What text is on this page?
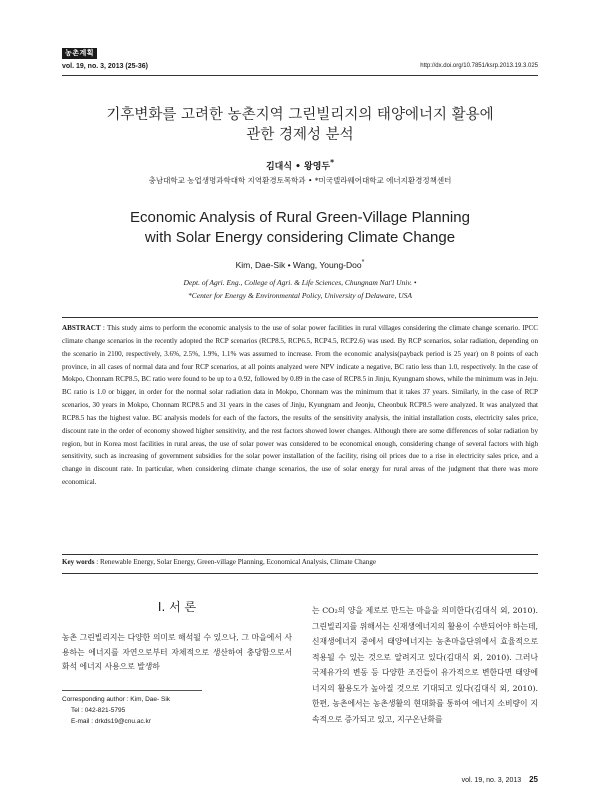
농촌계획
vol. 19, no. 3, 2013 (25-36)	http://dx.doi.org/10.7851/ksrp.2013.19.3.025
기후변화를 고려한 농촌지역 그린빌리지의 태양에너지 활용에
관한 경제성 분석
김대식 • 왕영두*
충남대학교 농업생명과학대학 지역환경토목학과 • *미국델라웨어대학교 에너지환경정책센터
Economic Analysis of Rural Green-Village Planning
with Solar Energy considering Climate Change
Kim, Dae-Sik • Wang, Young-Doo*
Dept. of Agri. Eng., College of Agri. & Life Sciences, Chungnam Nat'l Univ. •
*Center for Energy & Environmental Policy, University of Delaware, USA
ABSTRACT : This study aims to perform the economic analysis to the use of solar power facilities in rural villages considering the climate change scenario. IPCC climate change scenarios in the recently adopted the RCP scenarios (RCP8.5, RCP6.5, RCP4.5, RCP2.6) was used. By RCP scenarios, solar radiation, depending on the scenario in 2100, respectively, 3.6%, 2.5%, 1.9%, 1.1% was assumed to increase. From the economic analysis(payback period is 25 year) on 8 points of each province, in all cases of normal data and four RCP scenarios, at all points analyzed were NPV indicate a negative, BC ratio less than 1.0, respectively. In the case of Mokpo, Chonnam RCP8.5, BC ratio were found to be up to a 0.92, followed by 0.89 in the case of RCP8.5 in Jinju, Kyungnam shows, while the minimum was in Jeju. BC ratio is 1.0 or bigger, in order for the normal solar radiation data in Mokpo, Chonnam was the minimum that it takes 37 years. Similarly, in the case of RCP scenarios, 30 years in Mokpo, Chonnam RCP8.5 and 31 years in the cases of Jinju, Kyungnam and Jeonju, Cheonbuk RCP8.5 were analyzed. It was analyzed that RCP8.5 has the highest value. BC analysis models for each of the factors, the results of the sensitivity analysis, the initial installation costs, electricity sales price, discount rate in the order of economy showed higher sensitivity, and the rest factors showed lower changes. Although there are some differences of solar radiation by region, but in Korea most facilities in rural areas, the use of solar power was considered to be economical enough, considering change of several factors with high sensitivity, such as increasing of government subsidies for the solar power installation of the facility, rising oil prices due to a rise in electricity sales price, and a change in discount rate. In particular, when considering climate change scenarios, the use of solar energy for rural areas of the judgment that there was more economical.
Key words : Renewable Energy, Solar Energy, Green-village Planning, Economical Analysis, Climate Change
I. 서 론
농촌 그린빌리지는 다양한 의미로 해석될 수 있으나, 그 마을에서 사용하는 에너지를 자연으로부터 자체적으로 생산하여 충당함으로서 화석 에너지 사용으로 발생하
는 CO₂의 양을 제로로 만드는 마을을 의미한다(김대식 외, 2010). 그린빌리지를 위해서는 신재생에너지의 활용이 수반되어야 하는데, 신재생에너지 중에서 태양에너지는 농촌마을단위에서 효율적으로 적용될 수 있는 것으로 알려지고 있다(김대식 외, 2010). 그러나 국제유가의 변동 등 다양한 조건들이 유가적으로 변한다면 태양에너지의 활용도가 높아질 것으로 기대되고 있다(김대식 외, 2010). 한편, 농촌에서는 농촌생활의 현대화를 통하여 에너지 소비량이 지속적으로 증가되고 있고, 지구온난화를
Corresponding author : Kim, Dae- Sik
Tel : 042-821-5795
E-mail : drkds19@cnu.ac.kr
vol. 19, no. 3, 2013 25
